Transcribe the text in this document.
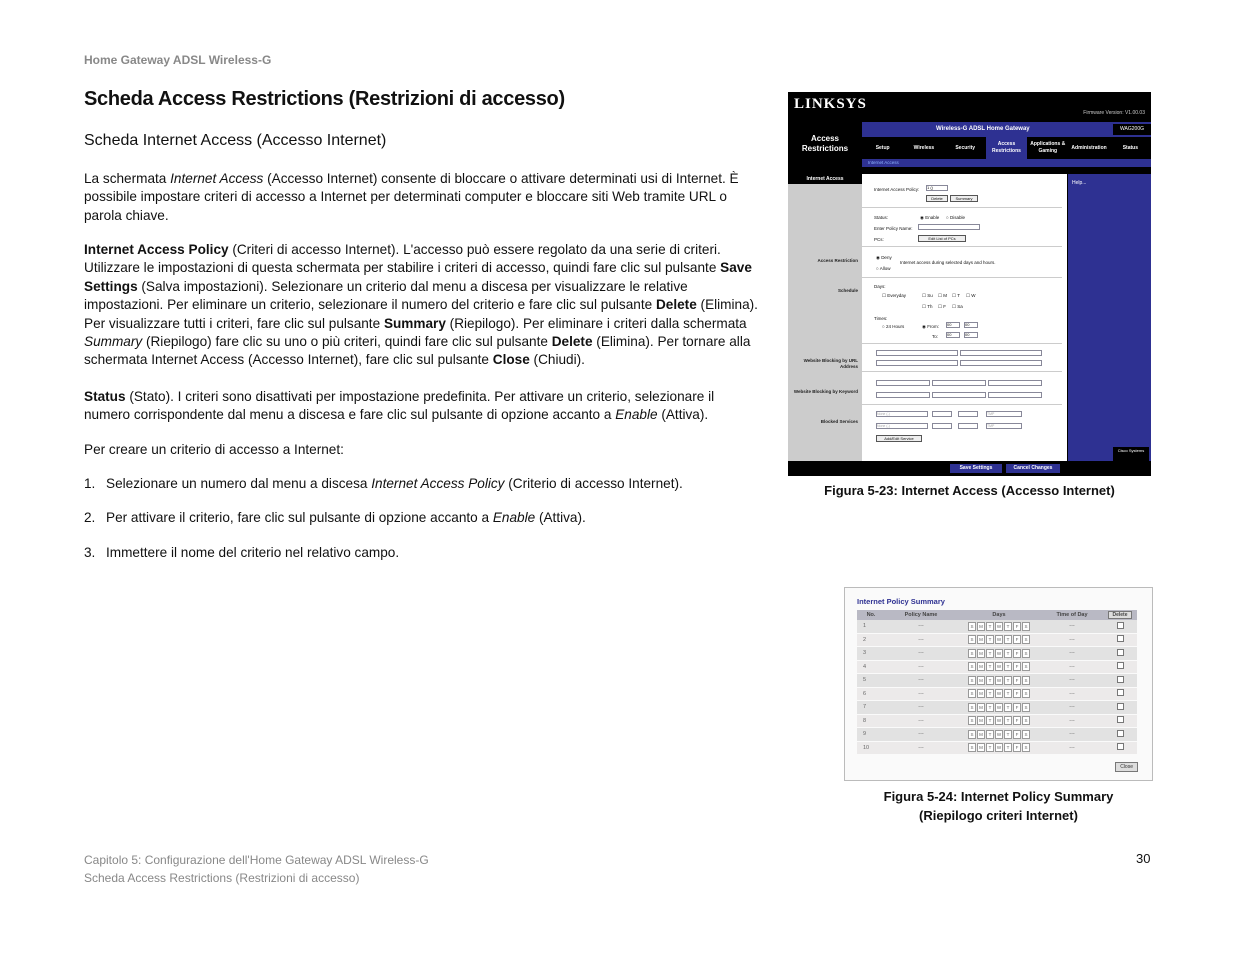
Home Gateway ADSL Wireless-G
Scheda Access Restrictions (Restrizioni di accesso)
Scheda Internet Access (Accesso Internet)
La schermata Internet Access (Accesso Internet) consente di bloccare o attivare determinati usi di Internet. È possibile impostare criteri di accesso a Internet per determinati computer e bloccare siti Web tramite URL o parola chiave.
Internet Access Policy (Criteri di accesso Internet). L'accesso può essere regolato da una serie di criteri. Utilizzare le impostazioni di questa schermata per stabilire i criteri di accesso, quindi fare clic sul pulsante Save Settings (Salva impostazioni). Selezionare un criterio dal menu a discesa per visualizzare le relative impostazioni. Per eliminare un criterio, selezionare il numero del criterio e fare clic sul pulsante Delete (Elimina). Per visualizzare tutti i criteri, fare clic sul pulsante Summary (Riepilogo). Per eliminare i criteri dalla schermata Summary (Riepilogo) fare clic su uno o più criteri, quindi fare clic sul pulsante Delete (Elimina). Per tornare alla schermata Internet Access (Accesso Internet), fare clic sul pulsante Close (Chiudi).
Status (Stato). I criteri sono disattivati per impostazione predefinita. Per attivare un criterio, selezionare il numero corrispondente dal menu a discesa e fare clic sul pulsante di opzione accanto a Enable (Attiva).
Per creare un criterio di accesso a Internet:
1. Selezionare un numero dal menu a discesa Internet Access Policy (Criterio di accesso Internet).
2. Per attivare il criterio, fare clic sul pulsante di opzione accanto a Enable (Attiva).
3. Immettere il nome del criterio nel relativo campo.
LINKSYS
Firmware Version: V1.00.03
Access Restrictions
Wireless-G ADSL Home Gateway	WAG200G
Setup	Wireless	Security
Access Restrictions
Applications & Gaming	Administration	Status
Internet Access
Internet Access
Access Restriction
Schedule
Website Blocking by URL Address
Website Blocking by Keyword
Blocked Services
Internet Access Policy: 1 ()
Delete	Summary
Status:	◉ Enable ○ Disable
Enter Policy Name:
PCs:	Edit List of PCs
◉ Deny
Internet access during selected days and hours.
○ Allow
Days:
☐ Everyday	☐ Su ☐ M ☐ T ☐ W
☐ Th ☐ F ☐ Sa
Times:
○ 24 Hours	◉ From: 00	00
To: 00	00
None (-)	TMP
None (-)	TMP
Add/Edit Service
Help...
Save Settings	Cancel Changes
Cisco Systems
Figura 5-23: Internet Access (Accesso Internet)
Internet Policy Summary
No.	Policy Name	Days	Time of Day	Delete
1	---	S M T W T F S	---	
2	---	S M T W T F S	---	
3	---	S M T W T F S	---	
4	---	S M T W T F S	---	
5	---	S M T W T F S	---	
6	---	S M T W T F S	---	
7	---	S M T W T F S	---	
8	---	S M T W T F S	---	
9	---	S M T W T F S	---	
10	---	S M T W T F S	---	
Close
Figura 5-24: Internet Policy Summary
(Riepilogo criteri Internet)
Capitolo 5: Configurazione dell'Home Gateway ADSL Wireless-G
Scheda Access Restrictions (Restrizioni di accesso)
30
